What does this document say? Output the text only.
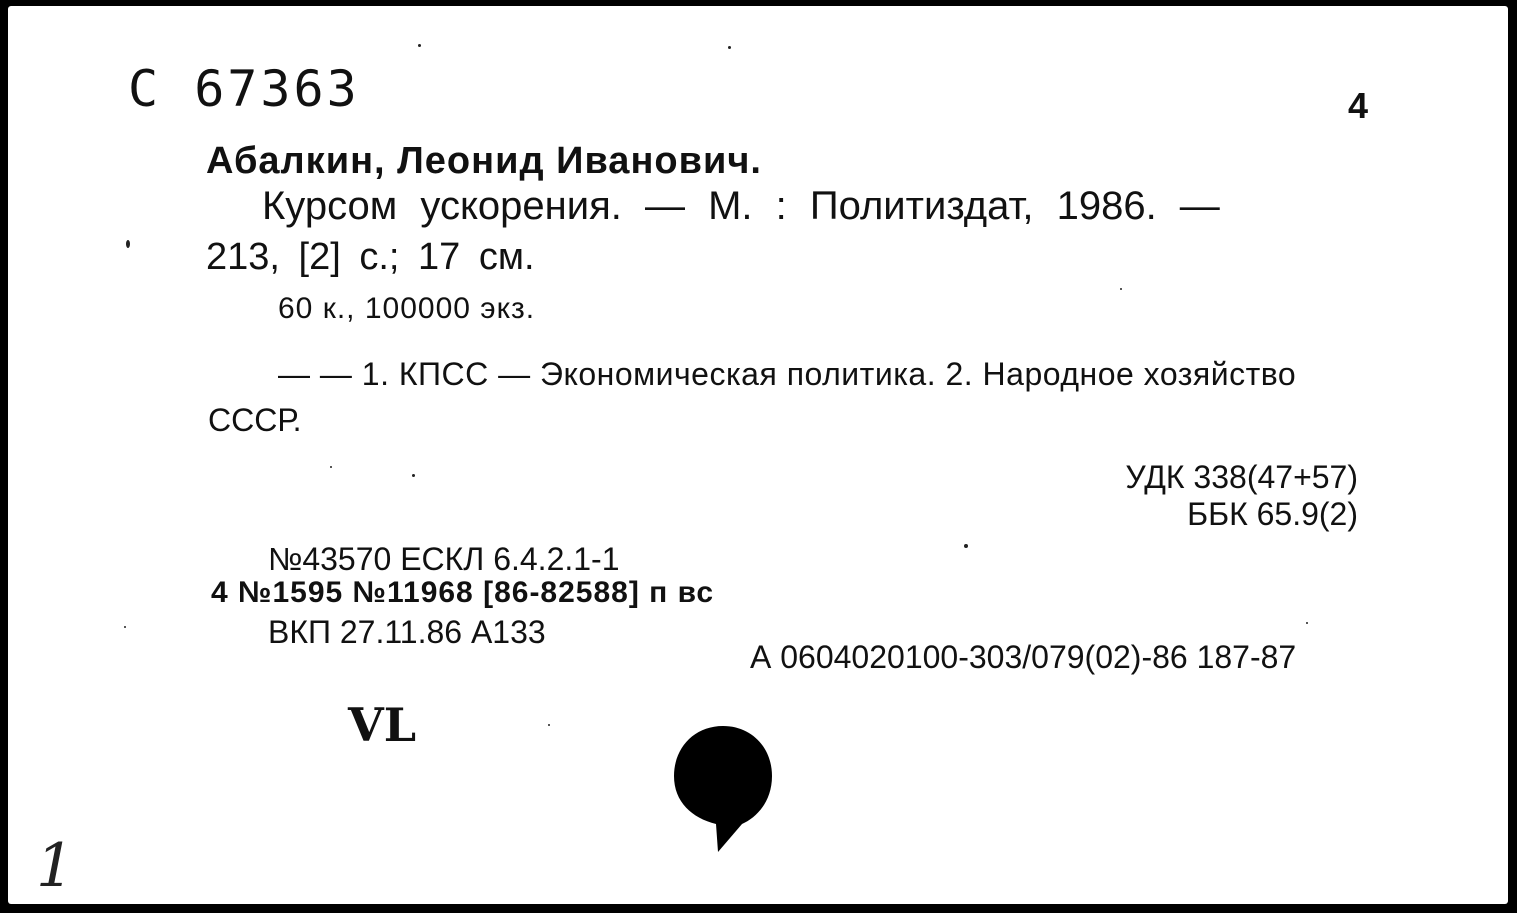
С 67363	4
Абалкин, Леонид Иванович.
Курсом ускорения. — М. : Политиздат, 1986. —
213, [2] с.; 17 см.
60 к., 100000 экз.
— — 1. КПСС — Экономическая политика. 2. Народное хозяйство
СССР.
УДК 338(47+57)
ББК 65.9(2)
№43570 ЕСКЛ 6.4.2.1-1
4 №1595 №11968 [86-82588] п вс
ВКП 27.11.86 А133
А 0604020100-303/079(02)-86 187-87
VL
1
